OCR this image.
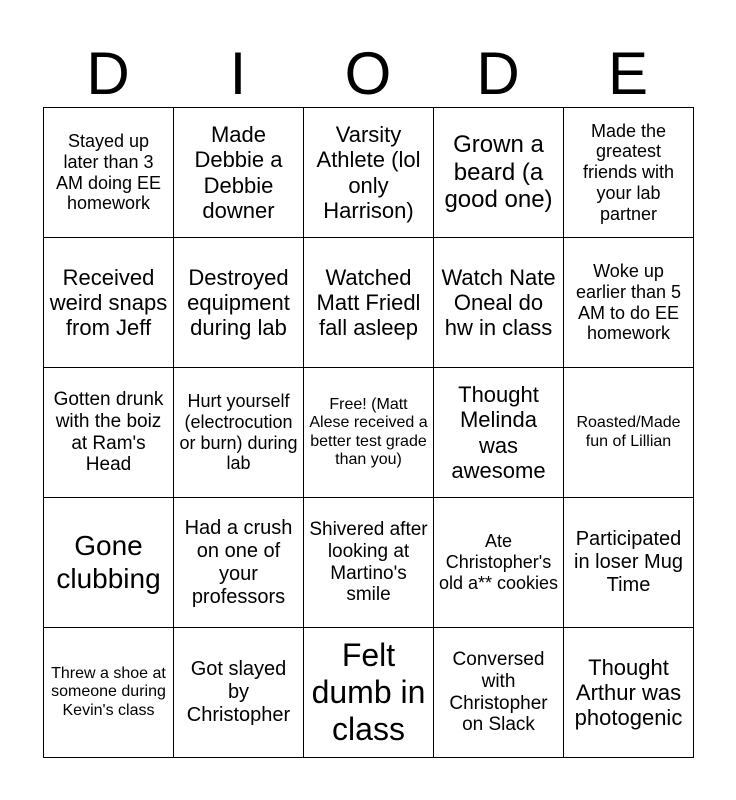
D	I	O	D	E
Stayed up later than 3 AM doing EE homework	Made Debbie a Debbie downer	Varsity Athlete (lol only Harrison)	Grown a beard (a good one)	Made the greatest friends with your lab partner
Received weird snaps from Jeff	Destroyed equipment during lab	Watched Matt Friedl fall asleep	Watch Nate Oneal do hw in class	Woke up earlier than 5 AM to do EE homework
Gotten drunk with the boiz at Ram's Head	Hurt yourself (electrocution or burn) during lab	Free! (Matt Alese received a better test grade than you)	Thought Melinda was awesome	Roasted/Made fun of Lillian
Gone clubbing	Had a crush on one of your professors	Shivered after looking at Martino's smile	Ate Christopher's old a** cookies	Participated in loser Mug Time
Threw a shoe at someone during Kevin's class	Got slayed by Christopher	Felt dumb in class	Conversed with Christopher on Slack	Thought Arthur was photogenic
